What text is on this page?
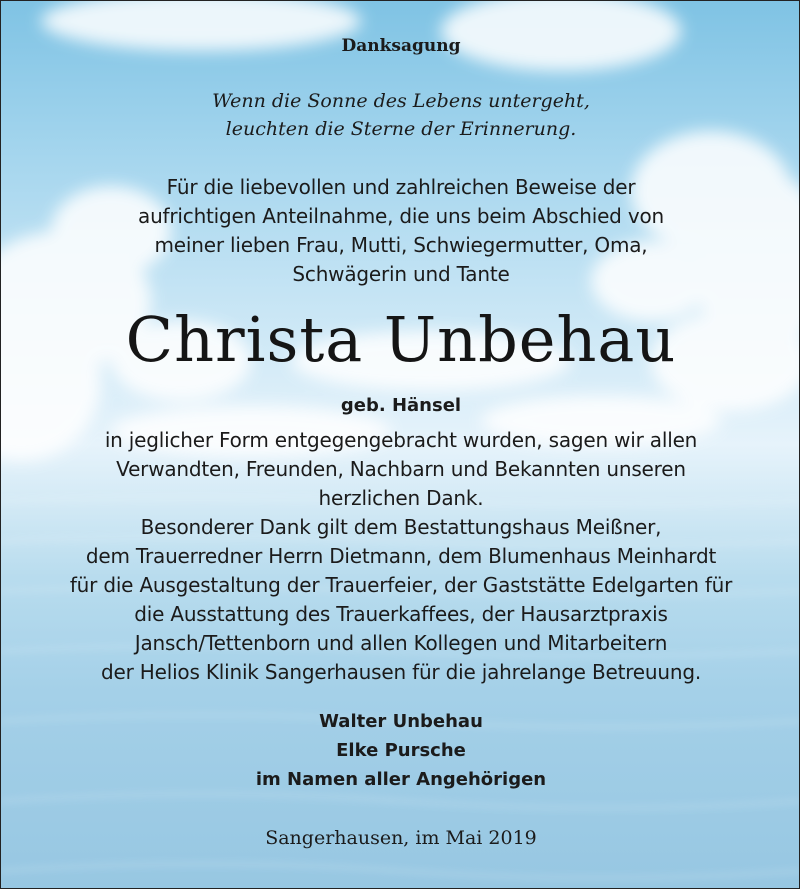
Danksagung
Wenn die Sonne des Lebens untergeht,
leuchten die Sterne der Erinnerung.
Für die liebevollen und zahlreichen Beweise der
aufrichtigen Anteilnahme, die uns beim Abschied von
meiner lieben Frau, Mutti, Schwiegermutter, Oma,
Schwägerin und Tante
Christa Unbehau
geb. Hänsel
in jeglicher Form entgegengebracht wurden, sagen wir allen
Verwandten, Freunden, Nachbarn und Bekannten unseren
herzlichen Dank.
Besonderer Dank gilt dem Bestattungshaus Meißner,
dem Trauerredner Herrn Dietmann, dem Blumenhaus Meinhardt
für die Ausgestaltung der Trauerfeier, der Gaststätte Edelgarten für
die Ausstattung des Trauerkaffees, der Hausarztpraxis
Jansch/Tettenborn und allen Kollegen und Mitarbeitern
der Helios Klinik Sangerhausen für die jahrelange Betreuung.
Walter Unbehau
Elke Pursche
im Namen aller Angehörigen
Sangerhausen, im Mai 2019
